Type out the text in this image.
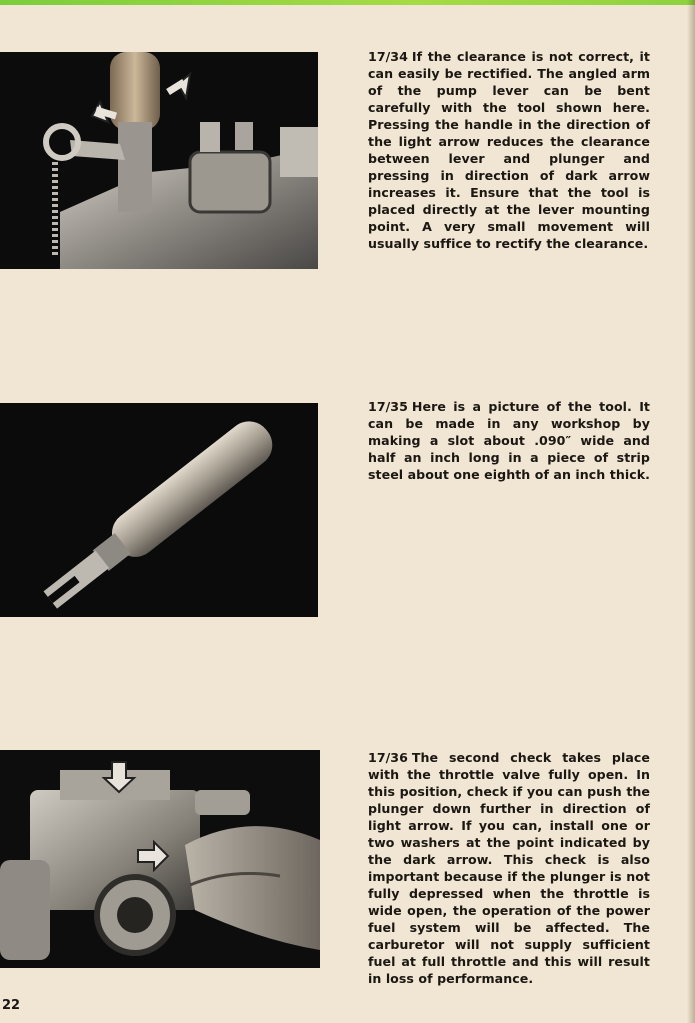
17/34 If the clearance is not correct, it can easily be rectified. The angled arm of the pump lever can be bent carefully with the tool shown here. Pressing the handle in the direction of the light arrow reduces the clearance between lever and plunger and pressing in direction of dark arrow increases it. Ensure that the tool is placed directly at the lever mounting point. A very small movement will usually suffice to rectify the clearance.
17/35 Here is a picture of the tool. It can be made in any workshop by making a slot about .090″ wide and half an inch long in a piece of strip steel about one eighth of an inch thick.
17/36 The second check takes place with the throttle valve fully open. In this position, check if you can push the plunger down further in direction of light arrow. If you can, install one or two washers at the point indicated by the dark arrow. This check is also important because if the plunger is not fully depressed when the throttle is wide open, the operation of the power fuel system will be affected. The carburetor will not supply sufficient fuel at full throttle and this will result in loss of performance.
22
